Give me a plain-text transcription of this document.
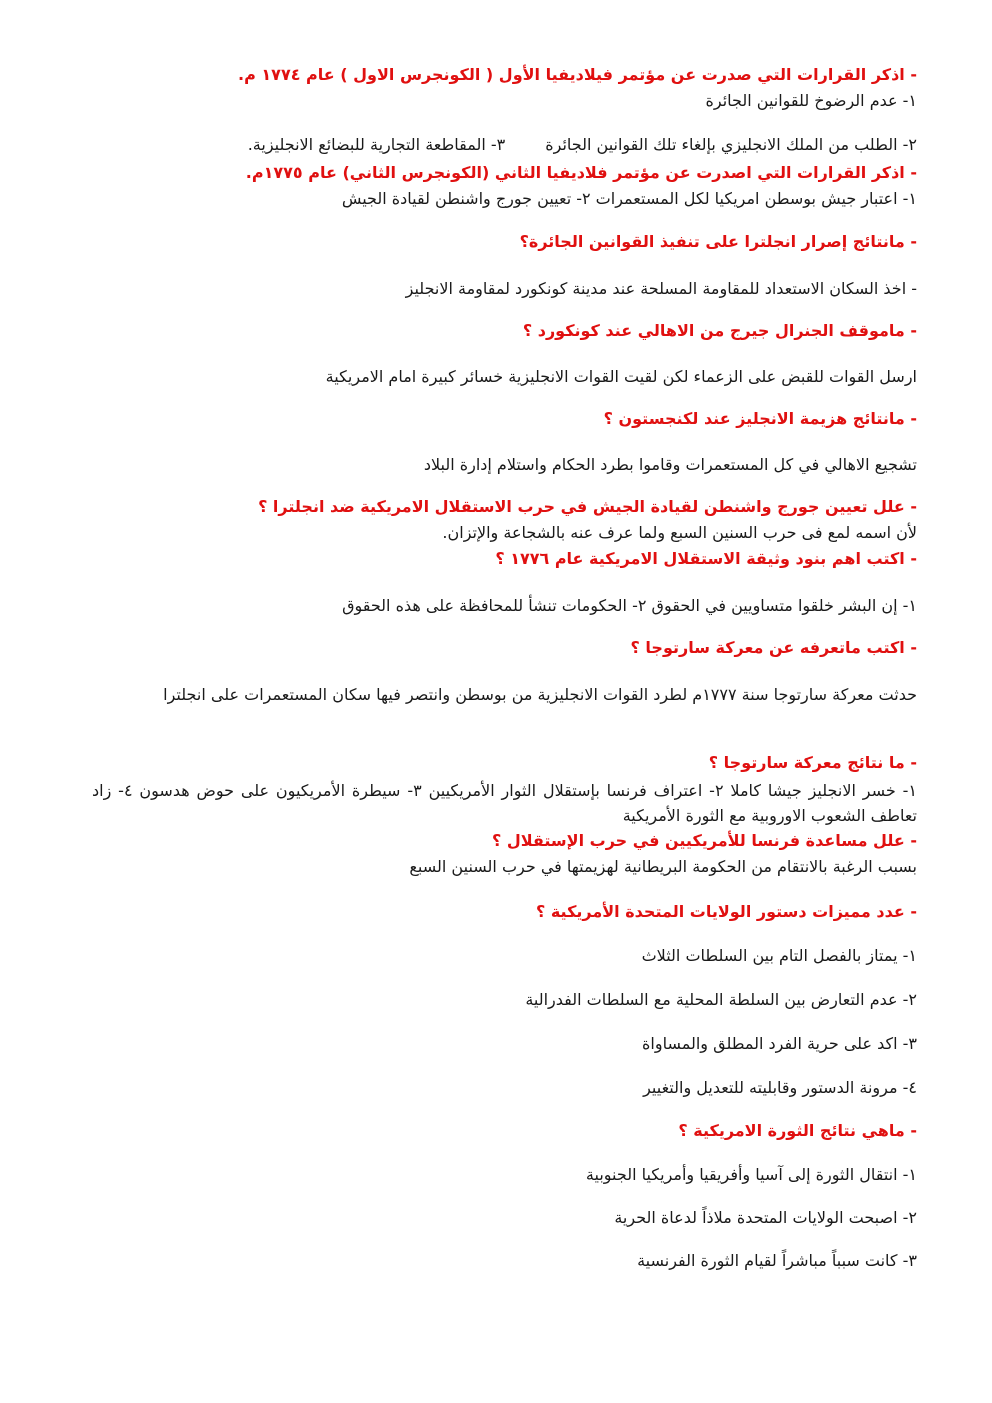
- اذكر القرارات التي صدرت عن مؤتمر فيلاديفيا الأول ( الكونجرس الاول ) عام ١٧٧٤ م.
١- عدم الرضوخ للقوانين الجائرة
٢- الطلب من الملك الانجليزي بإلغاء تلك القوانين الجائرة٣- المقاطعة التجارية للبضائع الانجليزية.
- اذكر القرارات التي اصدرت عن مؤتمر فلاديفيا الثاني (الكونجرس الثاني) عام ١٧٧٥م.
١- اعتبار جيش بوسطن امريكيا لكل المستعمرات ٢- تعيين جورج واشنطن لقيادة الجيش
- مانتائج إصرار انجلترا على تنفيذ القوانين الجائرة؟
- اخذ السكان الاستعداد للمقاومة المسلحة عند مدينة كونكورد لمقاومة الانجليز
- ماموقف الجنرال جيرج من الاهالي عند كونكورد ؟
ارسل القوات للقبض على الزعماء لكن لقيت القوات الانجليزية خسائر كبيرة امام الامريكية
- مانتائج هزيمة الانجليز عند لكنجستون ؟
تشجيع الاهالي في كل المستعمرات وقاموا بطرد الحكام واستلام إدارة البلاد
- علل تعيين جورج واشنطن لقيادة الجيش في حرب الاستقلال الامريكية ضد انجلترا ؟
لأن اسمه لمع فى حرب السنين السبع ولما عرف عنه بالشجاعة والإتزان.
- اكتب اهم بنود وثيقة الاستقلال الامريكية عام ١٧٧٦ ؟
١- إن البشر خلقوا متساويين في الحقوق ٢- الحكومات تنشأ للمحافظة على هذه الحقوق
- اكتب ماتعرفه عن معركة سارتوجا ؟
حدثت معركة سارتوجا سنة ١٧٧٧م لطرد القوات الانجليزية من بوسطن وانتصر فيها سكان المستعمرات على انجلترا
- ما نتائج معركة سارتوجا ؟
١- خسر الانجليز جيشا كاملا ٢- اعتراف فرنسا بإستقلال الثوار الأمريكيين ٣- سيطرة الأمريكيون على حوض هدسون ٤- زاد تعاطف الشعوب الاوروبية مع الثورة الأمريكية
- علل مساعدة فرنسا للأمريكيين في حرب الإستقلال ؟
بسبب الرغبة بالانتقام من الحكومة البريطانية لهزيمتها في حرب السنين السبع
- عدد مميزات دستور الولايات المتحدة الأمريكية ؟
١- يمتاز بالفصل التام بين السلطات الثلاث
٢- عدم التعارض بين السلطة المحلية مع السلطات الفدرالية
٣- اكد على حرية الفرد المطلق والمساواة
٤- مرونة الدستور وقابليته للتعديل والتغيير
- ماهي نتائج الثورة الامريكية ؟
١- انتقال الثورة إلى آسيا وأفريقيا وأمريكيا الجنوبية
٢- اصبحت الولايات المتحدة ملاذاً لدعاة الحرية
٣- كانت سبباً مباشراً لقيام الثورة الفرنسية
